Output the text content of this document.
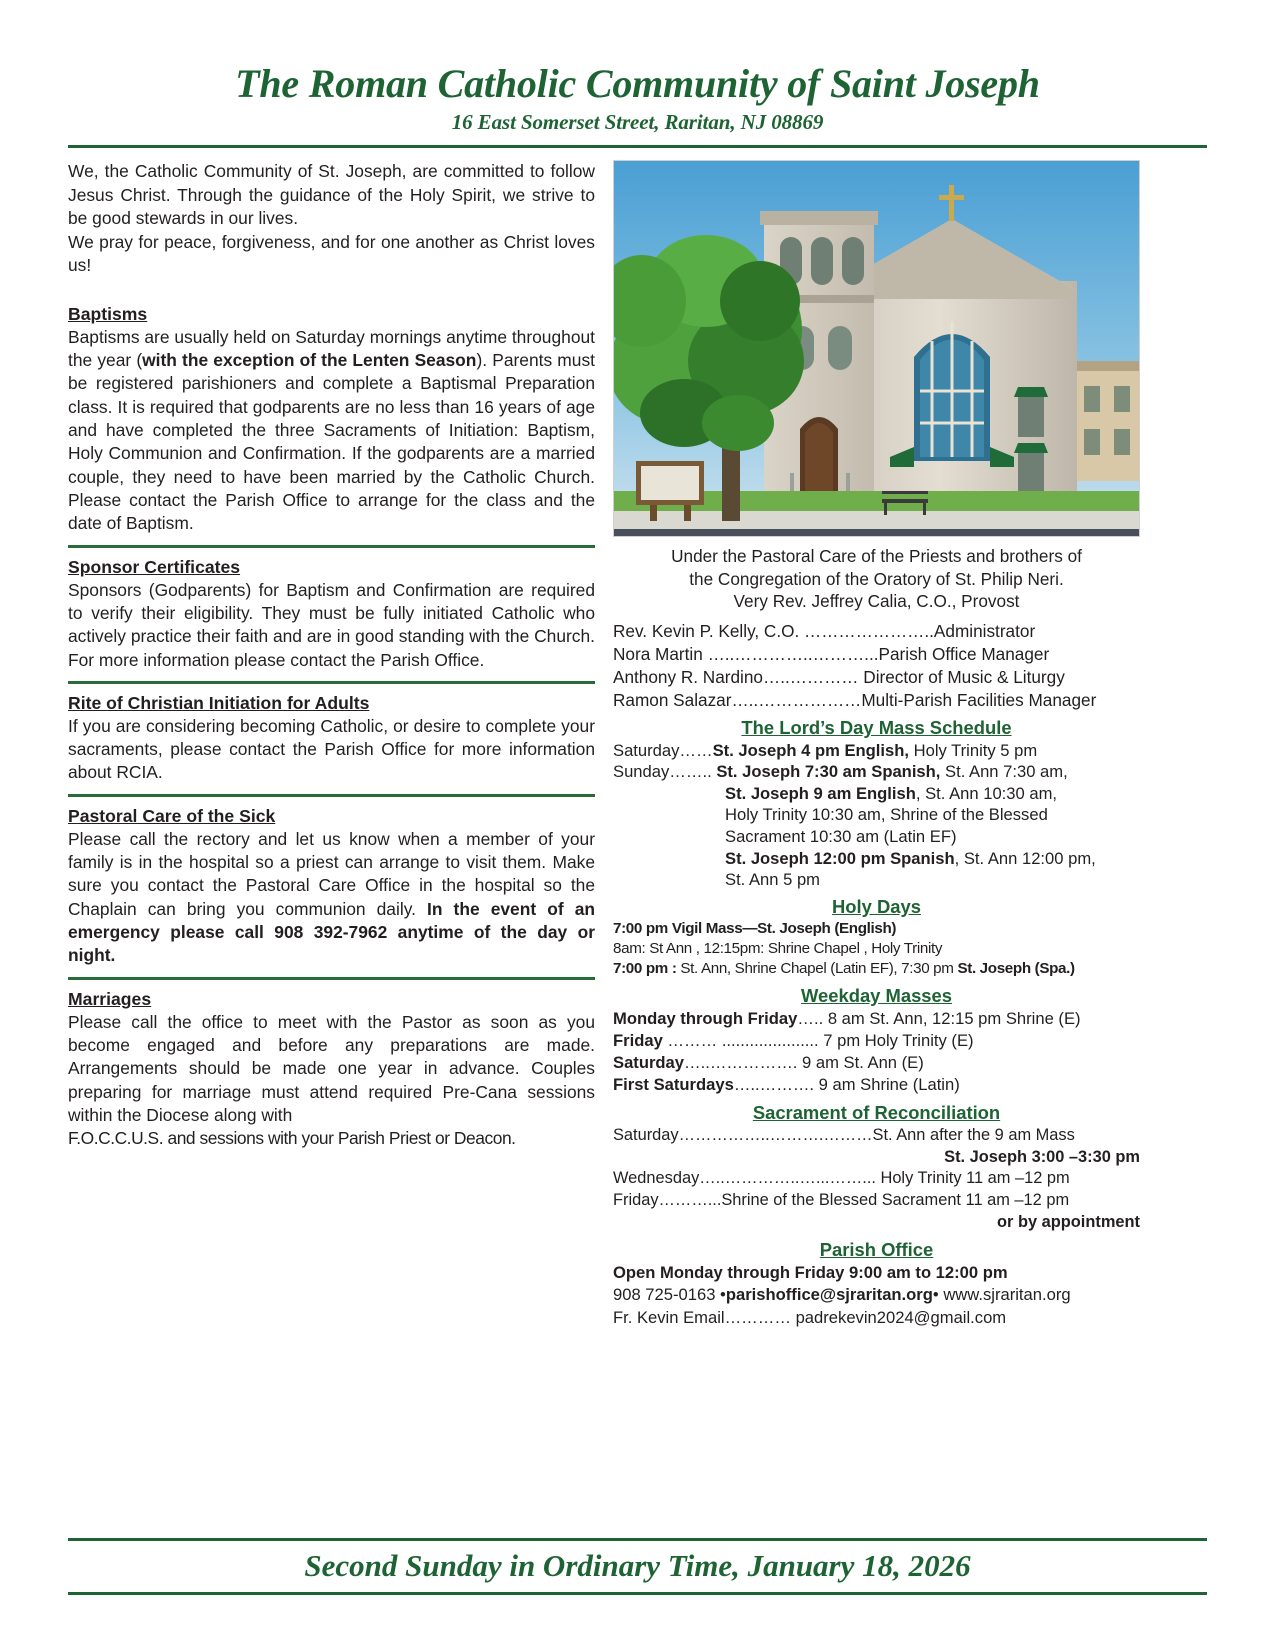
The Roman Catholic Community of Saint Joseph
16 East Somerset Street, Raritan, NJ 08869

We, the Catholic Community of St. Joseph, are committed to follow Jesus Christ. Through the guidance of the Holy Spirit, we strive to be good stewards in our lives.

We pray for peace, forgiveness, and for one another as Christ loves us!

Baptisms
Baptisms are usually held on Saturday mornings anytime throughout the year (with the exception of the Lenten Season). Parents must be registered parishioners and complete a Baptismal Preparation class. It is required that godparents are no less than 16 years of age and have completed the three Sacraments of Initiation: Baptism, Holy Communion and Confirmation. If the godparents are a married couple, they need to have been married by the Catholic Church. Please contact the Parish Office to arrange for the class and the date of Baptism.
Sponsor Certificates
Sponsors (Godparents) for Baptism and Confirmation are required to verify their eligibility. They must be fully initiated Catholic who actively practice their faith and are in good standing with the Church. For more information please contact the Parish Office.
Rite of Christian Initiation for Adults
If you are considering becoming Catholic, or desire to complete your sacraments, please contact the Parish Office for more information about RCIA.
Pastoral Care of the Sick
Please call the rectory and let us know when a member of your family is in the hospital so a priest can arrange to visit them. Make sure you contact the Pastoral Care Office in the hospital so the Chaplain can bring you communion daily. In the event of an emergency please call 908 392-7962 anytime of the day or night.
Marriages
Please call the office to meet with the Pastor as soon as you become engaged and before any preparations are made. Arrangements should be made one year in advance. Couples preparing for marriage must attend required Pre-Cana sessions within the Diocese along with
F.O.C.C.U.S. and sessions with your Parish Priest or Deacon.
Under the Pastoral Care of the Priests and brothers of
the Congregation of the Oratory of St. Philip Neri.
Very Rev. Jeffrey Calia, C.O., Provost
Rev. Kevin P. Kelly, C.O. …………………..Administrator
Nora Martin …..…………..………...Parish Office Manager
Anthony R. Nardino…..………… Director of Music & Liturgy
Ramon Salazar…..………………Multi-Parish Facilities Manager
The Lord’s Day Mass Schedule
Saturday……St. Joseph 4 pm English, Holy Trinity 5 pm
Sunday…….. St. Joseph 7:30 am Spanish, St. Ann 7:30 am,
St. Joseph 9 am English, St. Ann 10:30 am,
Holy Trinity 10:30 am, Shrine of the Blessed
Sacrament 10:30 am (Latin EF)
St. Joseph 12:00 pm Spanish, St. Ann 12:00 pm,
St. Ann 5 pm
Holy Days
7:00 pm Vigil Mass—St. Joseph (English)
8am: St Ann , 12:15pm: Shrine Chapel , Holy Trinity
7:00 pm : St. Ann, Shrine Chapel (Latin EF), 7:30 pm St. Joseph (Spa.)
Weekday Masses
Monday through Friday….. 8 am St. Ann, 12:15 pm Shrine (E)
Friday ……… ..................... 7 pm Holy Trinity (E)
Saturday…..……………. 9 am St. Ann (E)
First Saturdays…..………. 9 am Shrine (Latin)
Sacrament of Reconciliation
Saturday……………..……….………St. Ann after the 9 am Mass
St. Joseph 3:00 –3:30 pm
Wednesday…..…………..…...……... Holy Trinity 11 am –12 pm
Friday………...Shrine of the Blessed Sacrament 11 am –12 pm
or by appointment
Parish Office
Open Monday through Friday 9:00 am to 12:00 pm
908 725-0163 •parishoffice@sjraritan.org• www.sjraritan.org
Fr. Kevin Email………… padrekevin2024@gmail.com
Second Sunday in Ordinary Time, January 18, 2026
